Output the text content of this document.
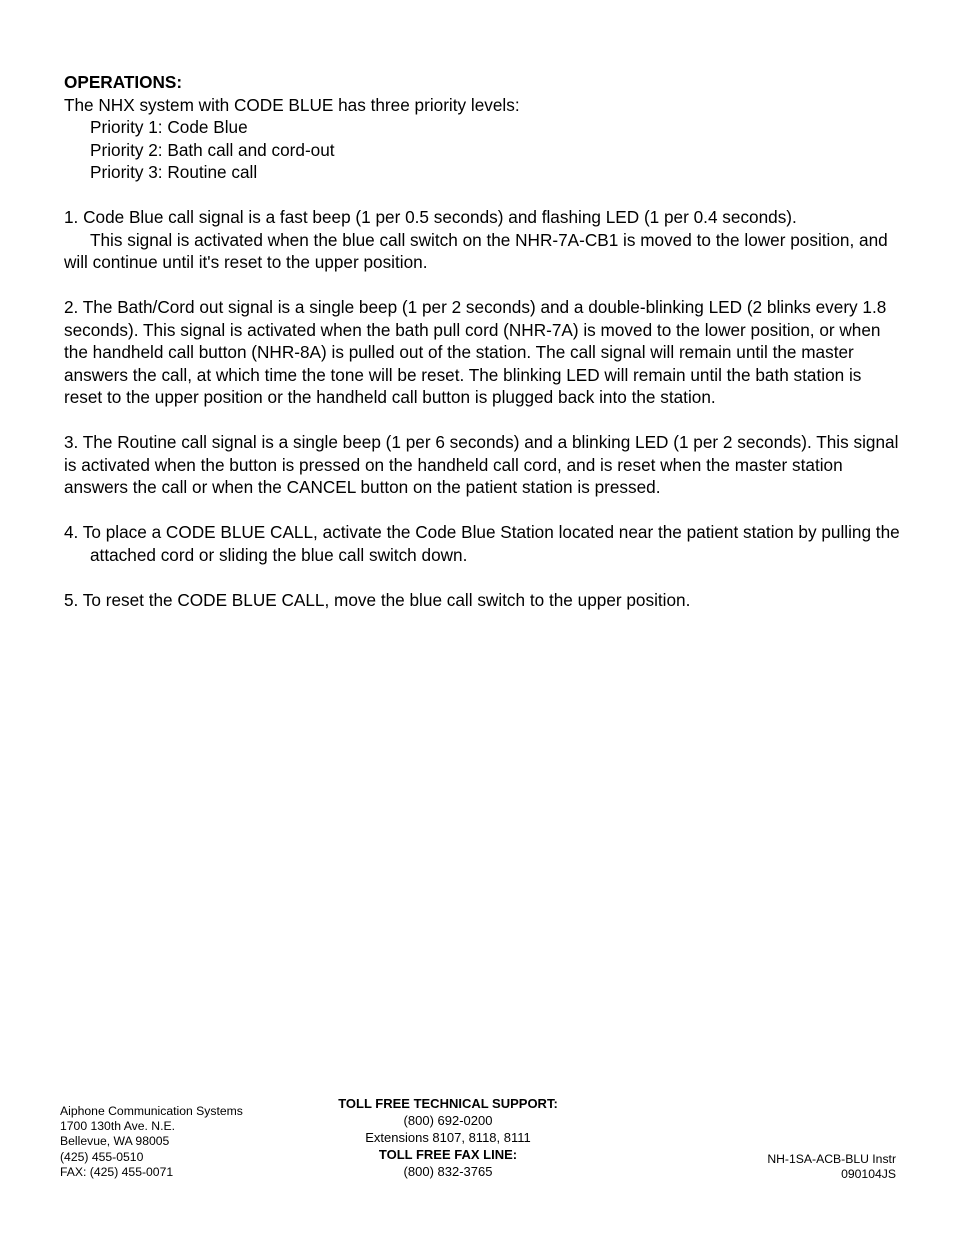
OPERATIONS:
The NHX system with CODE BLUE has three priority levels:
Priority 1: Code Blue
Priority 2: Bath call and cord-out
Priority 3: Routine call
1. Code Blue call signal is a fast beep (1 per 0.5 seconds) and flashing LED (1 per 0.4 seconds).
This signal is activated when the blue call switch on the NHR-7A-CB1 is moved to the lower position, and will continue until it's reset to the upper position.
2. The Bath/Cord out signal is a single beep (1 per 2 seconds) and a double-blinking LED (2 blinks every 1.8 seconds). This signal is activated when the bath pull cord (NHR-7A) is moved to the lower position, or when the handheld call button (NHR-8A) is pulled out of the station. The call signal will remain until the master answers the call, at which time the tone will be reset. The blinking LED will remain until the bath station is reset to the upper position or the handheld call button is plugged back into the station.
3. The Routine call signal is a single beep (1 per 6 seconds) and a blinking LED (1 per 2 seconds). This signal is activated when the button is pressed on the handheld call cord, and is reset when the master station answers the call or when the CANCEL button on the patient station is pressed.
4. To place a CODE BLUE CALL, activate the Code Blue Station located near the patient station by pulling the attached cord or sliding the blue call switch down.
5. To reset the CODE BLUE CALL, move the blue call switch to the upper position.
Aiphone Communication Systems
1700 130th Ave. N.E.
Bellevue, WA 98005
(425) 455-0510
FAX: (425) 455-0071
TOLL FREE TECHNICAL SUPPORT:
(800) 692-0200
Extensions 8107, 8118, 8111
TOLL FREE FAX LINE:
(800) 832-3765
NH-1SA-ACB-BLU Instr
090104JS
